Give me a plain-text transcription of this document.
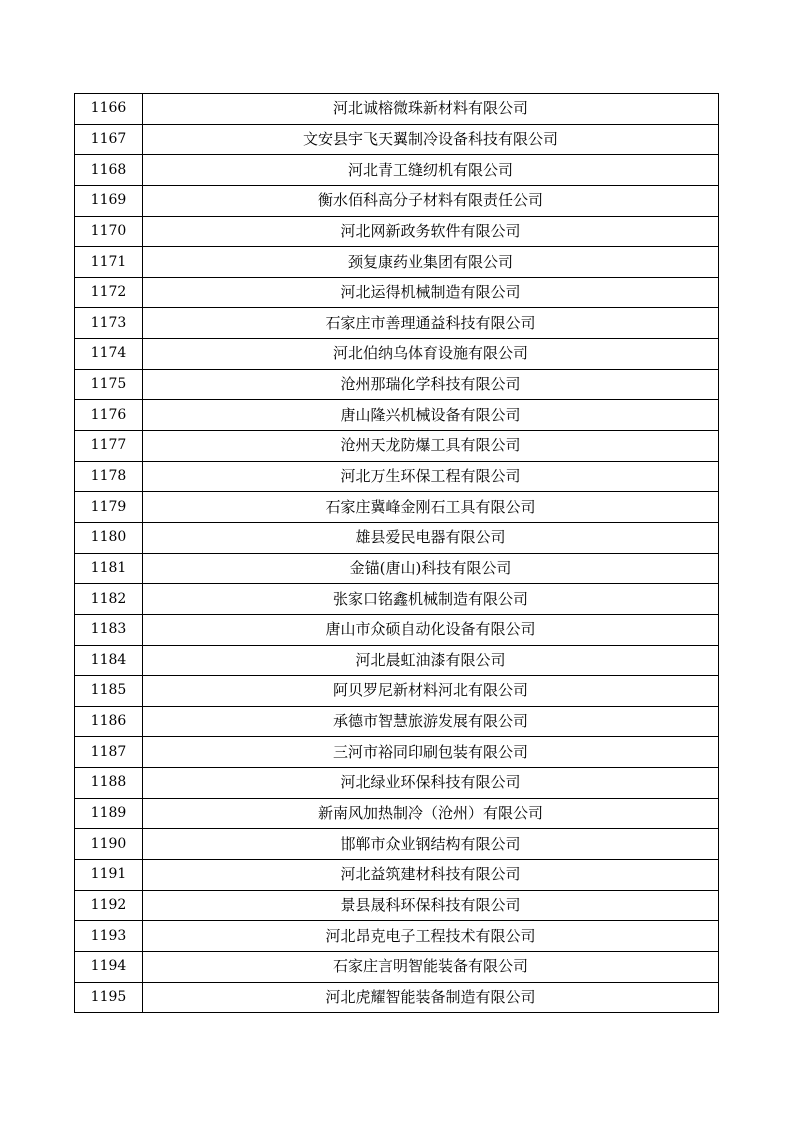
1166	河北诚榕微珠新材料有限公司
1167	文安县宇飞天翼制冷设备科技有限公司
1168	河北青工缝纫机有限公司
1169	衡水佰科高分子材料有限责任公司
1170	河北网新政务软件有限公司
1171	颈复康药业集团有限公司
1172	河北运得机械制造有限公司
1173	石家庄市善理通益科技有限公司
1174	河北伯纳乌体育设施有限公司
1175	沧州那瑞化学科技有限公司
1176	唐山隆兴机械设备有限公司
1177	沧州天龙防爆工具有限公司
1178	河北万生环保工程有限公司
1179	石家庄冀峰金刚石工具有限公司
1180	雄县爱民电器有限公司
1181	金锚(唐山)科技有限公司
1182	张家口铭鑫机械制造有限公司
1183	唐山市众硕自动化设备有限公司
1184	河北晨虹油漆有限公司
1185	阿贝罗尼新材料河北有限公司
1186	承德市智慧旅游发展有限公司
1187	三河市裕同印刷包装有限公司
1188	河北绿业环保科技有限公司
1189	新南风加热制冷（沧州）有限公司
1190	邯郸市众业钢结构有限公司
1191	河北益筑建材科技有限公司
1192	景县晟科环保科技有限公司
1193	河北昂克电子工程技术有限公司
1194	石家庄言明智能装备有限公司
1195	河北虎耀智能装备制造有限公司
